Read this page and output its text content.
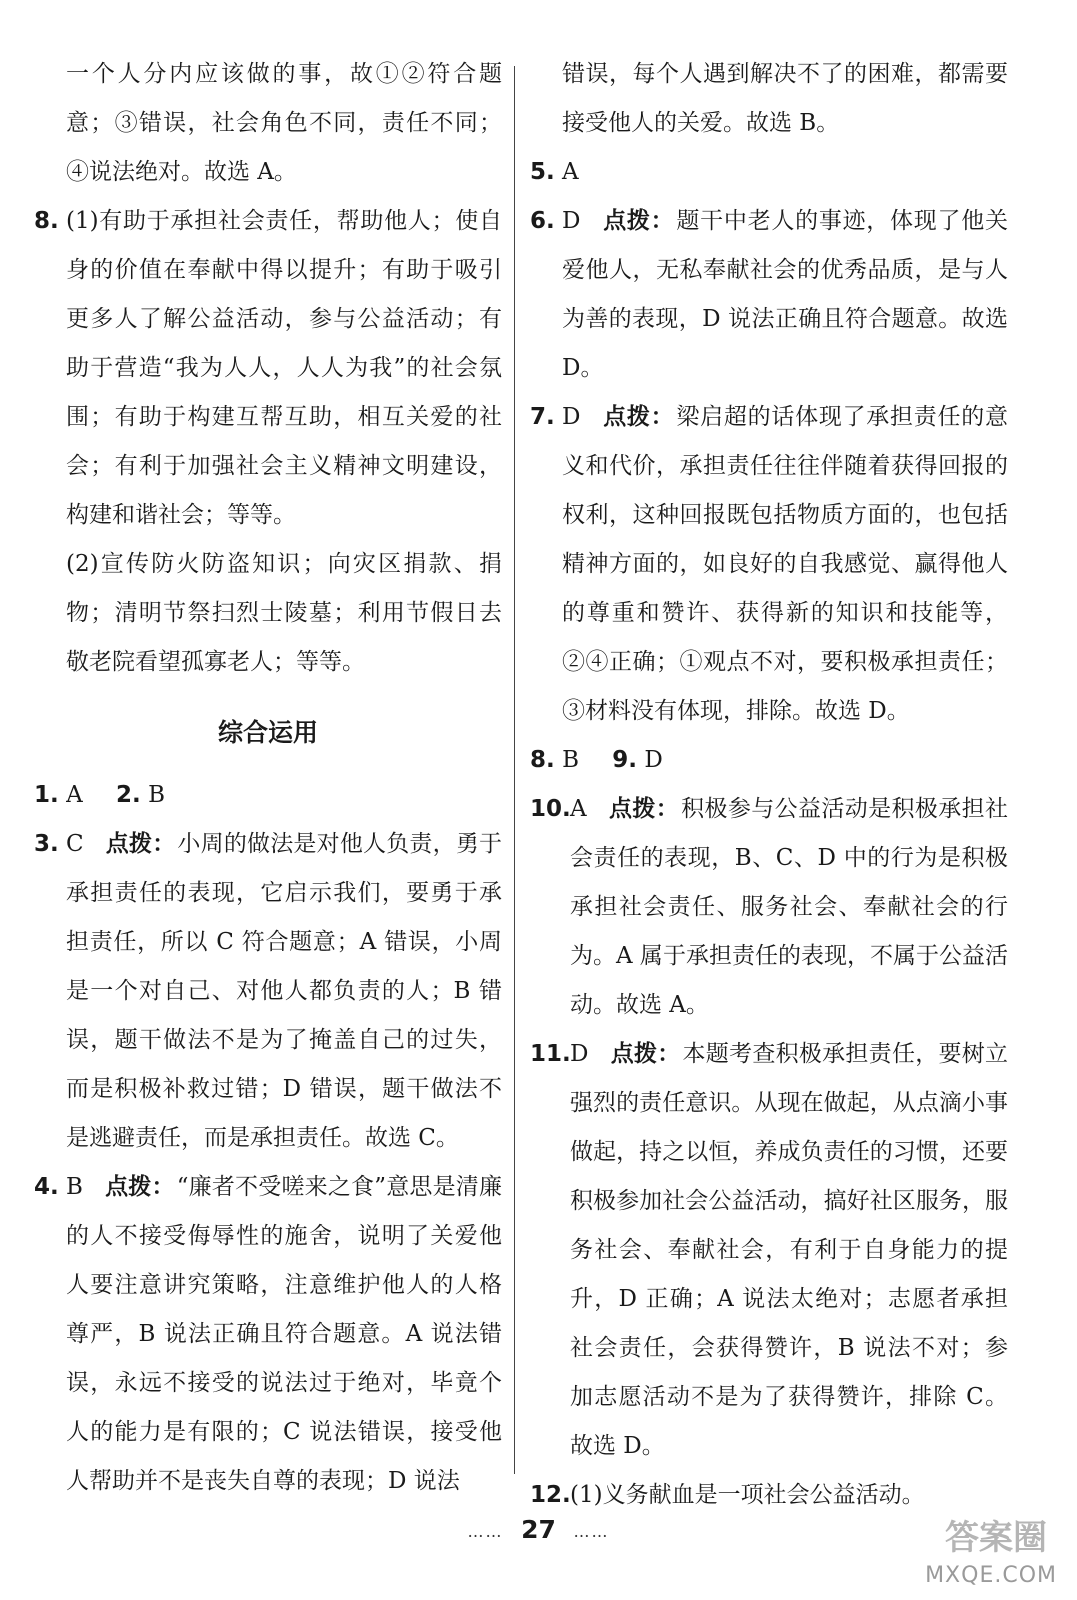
一个人分内应该做的事，故①②符合题意；③错误，社会角色不同，责任不同；④说法绝对。故选 A。
8. (1)有助于承担社会责任，帮助他人；使自身的价值在奉献中得以提升；有助于吸引更多人了解公益活动，参与公益活动；有助于营造“我为人人，人人为我”的社会氛围；有助于构建互帮互助，相互关爱的社会；有利于加强社会主义精神文明建设，构建和谐社会；等等。
(2)宣传防火防盗知识；向灾区捐款、捐物；清明节祭扫烈士陵墓；利用节假日去敬老院看望孤寡老人；等等。
综合运用
1. A 2. B
3. C 点拨：小周的做法是对他人负责，勇于承担责任的表现，它启示我们，要勇于承担责任，所以 C 符合题意；A 错误，小周是一个对自己、对他人都负责的人；B 错误，题干做法不是为了掩盖自己的过失，而是积极补救过错；D 错误，题干做法不是逃避责任，而是承担责任。故选 C。
4. B 点拨：“廉者不受嗟来之食”意思是清廉的人不接受侮辱性的施舍，说明了关爱他人要注意讲究策略，注意维护他人的人格尊严，B 说法正确且符合题意。A 说法错误，永远不接受的说法过于绝对，毕竟个人的能力是有限的；C 说法错误，接受他人帮助并不是丧失自尊的表现；D 说法
错误，每个人遇到解决不了的困难，都需要接受他人的关爱。故选 B。
5. A
6. D 点拨：题干中老人的事迹，体现了他关爱他人，无私奉献社会的优秀品质，是与人为善的表现，D 说法正确且符合题意。故选 D。
7. D 点拨：梁启超的话体现了承担责任的意义和代价，承担责任往往伴随着获得回报的权利，这种回报既包括物质方面的，也包括精神方面的，如良好的自我感觉、赢得他人的尊重和赞许、获得新的知识和技能等，②④正确；①观点不对，要积极承担责任；③材料没有体现，排除。故选 D。
8. B 9. D
10. A 点拨：积极参与公益活动是积极承担社会责任的表现，B、C、D 中的行为是积极承担社会责任、服务社会、奉献社会的行为。A 属于承担责任的表现，不属于公益活动。故选 A。
11. D 点拨：本题考查积极承担责任，要树立强烈的责任意识。从现在做起，从点滴小事做起，持之以恒，养成负责任的习惯，还要积极参加社会公益活动，搞好社区服务，服务社会、奉献社会，有利于自身能力的提升，D 正确；A 说法太绝对；志愿者承担社会责任，会获得赞许，B 说法不对；参加志愿活动不是为了获得赞许，排除 C。故选 D。
12. (1)义务献血是一项社会公益活动。
…… 27 ……	答案圈
MXQE.COM
